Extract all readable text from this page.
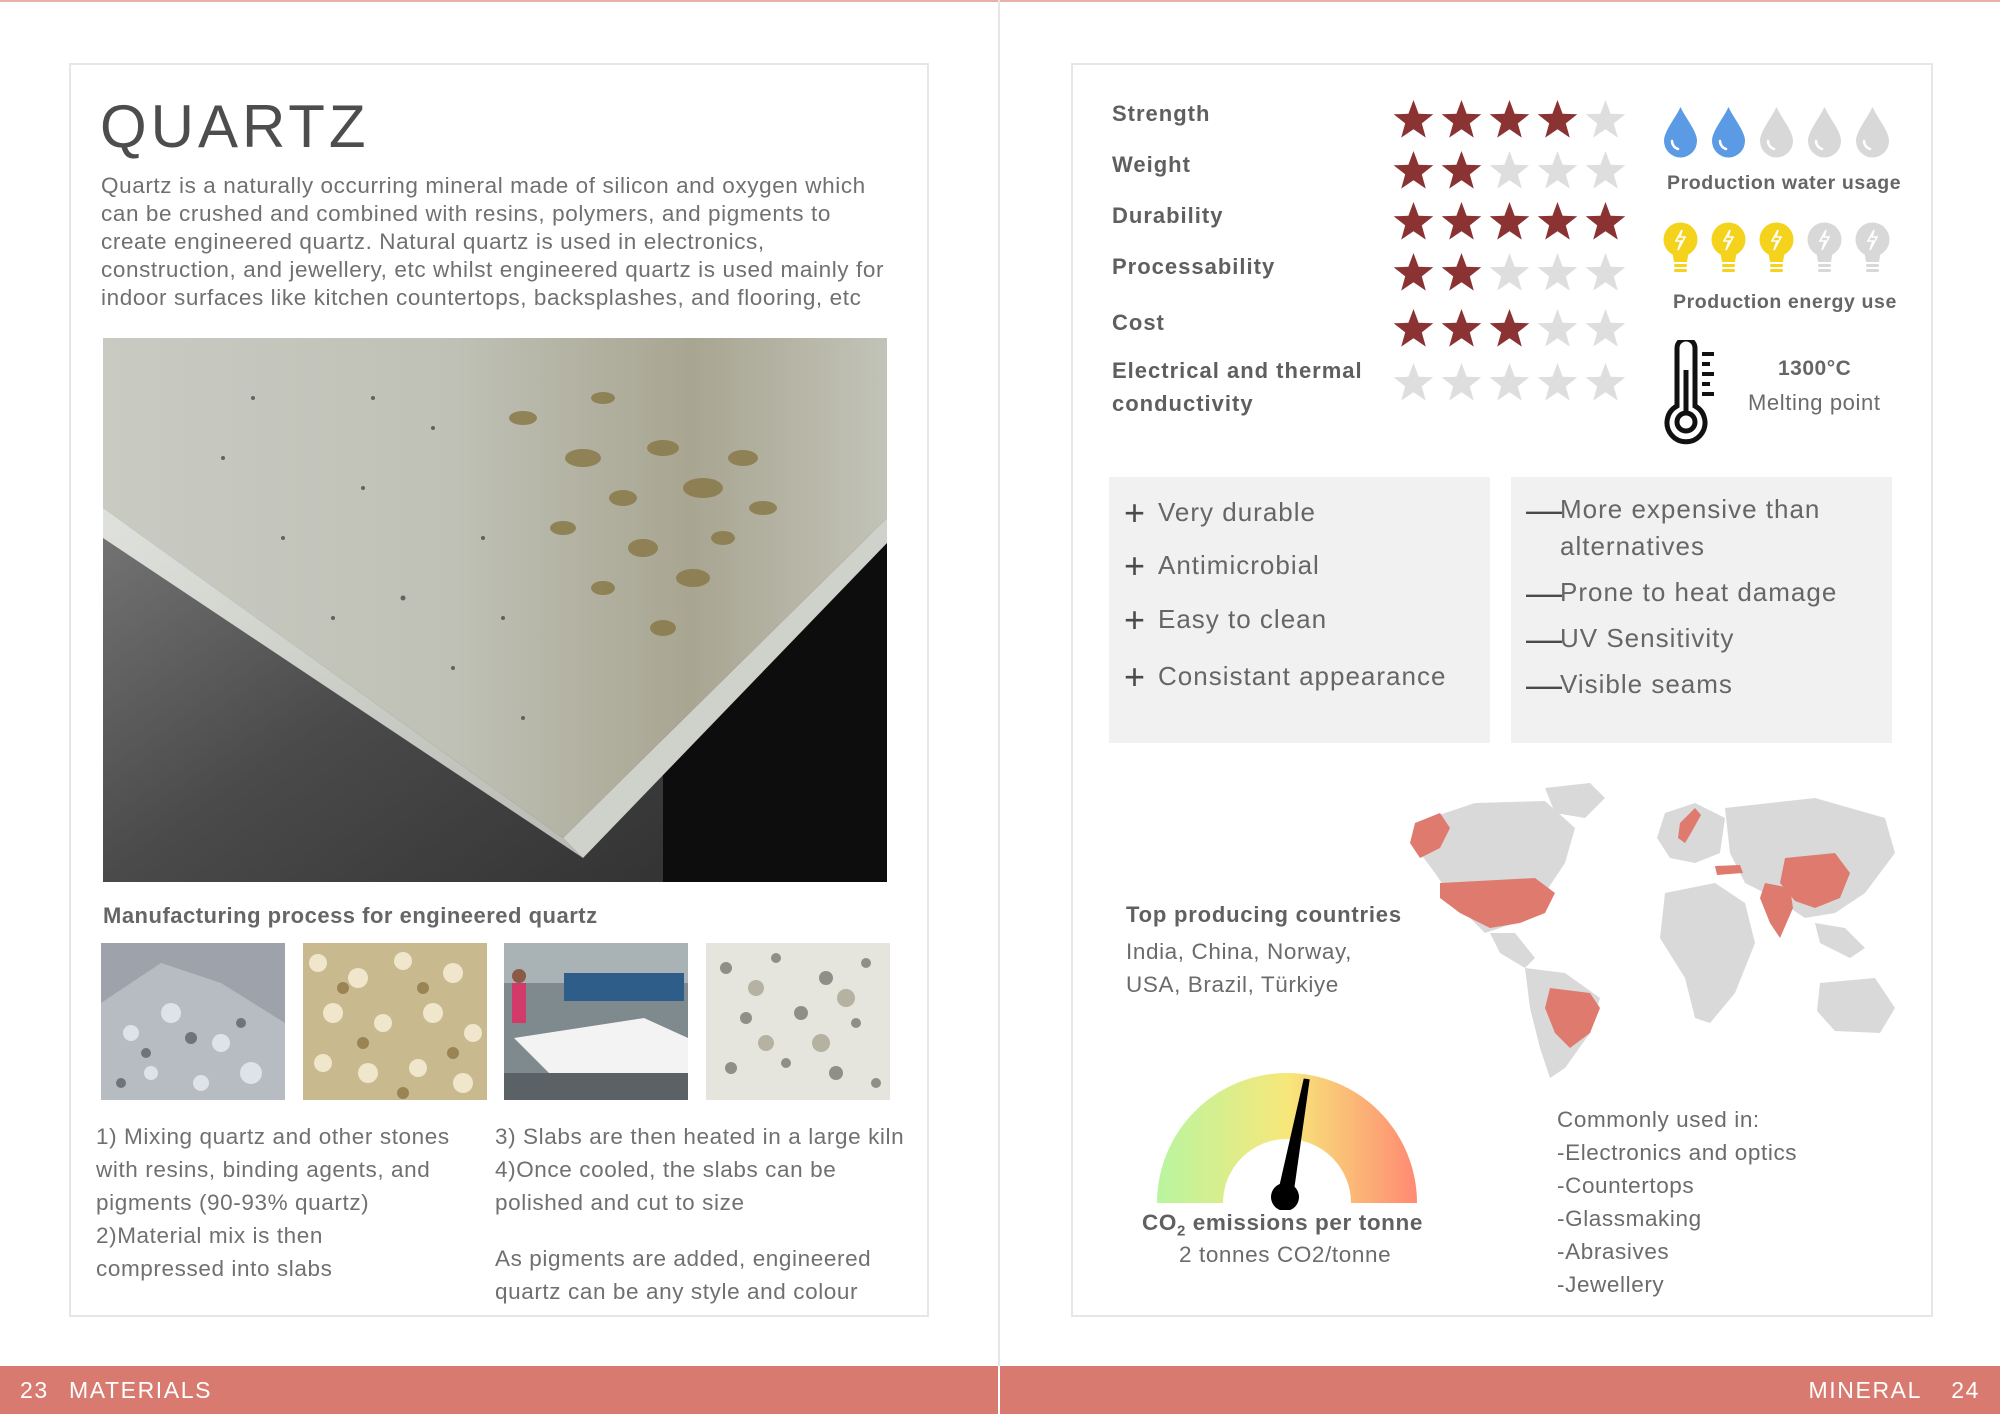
QUARTZ
Quartz is a naturally occurring mineral made of silicon and oxygen which
can be crushed and combined with resins, polymers, and pigments to
create engineered quartz. Natural quartz is used in electronics,
construction, and jewellery, etc whilst engineered quartz is used mainly for
indoor surfaces like kitchen countertops, backsplashes, and flooring, etc
Manufacturing process for engineered quartz
1) Mixing quartz and other stones
with resins, binding agents, and
pigments (90-93% quartz)
2)Material mix is then
compressed into slabs
3) Slabs are then heated in a large kiln
4)Once cooled, the slabs can be
polished and cut to size
As pigments are added, engineered
quartz can be any style and colour
Strength
Weight
Durability
Processability
Cost
Electrical and thermal
conductivity
Production water usage
Production energy use
1300°C
Melting point
+ Very durable
+ Antimicrobial
+ Easy to clean
+ Consistant appearance
—
More expensive than
alternatives
—
Prone to heat damage
—
UV Sensitivity
—
Visible seams
Top producing countries
India, China, Norway,
USA, Brazil, Türkiye
$CO_2$ emissions per tonne
2 tonnes CO2/tonne
Commonly used in:
-Electronics and optics
-Countertops
-Glassmaking
-Abrasives
-Jewellery
23 MATERIALS	MINERAL 24
